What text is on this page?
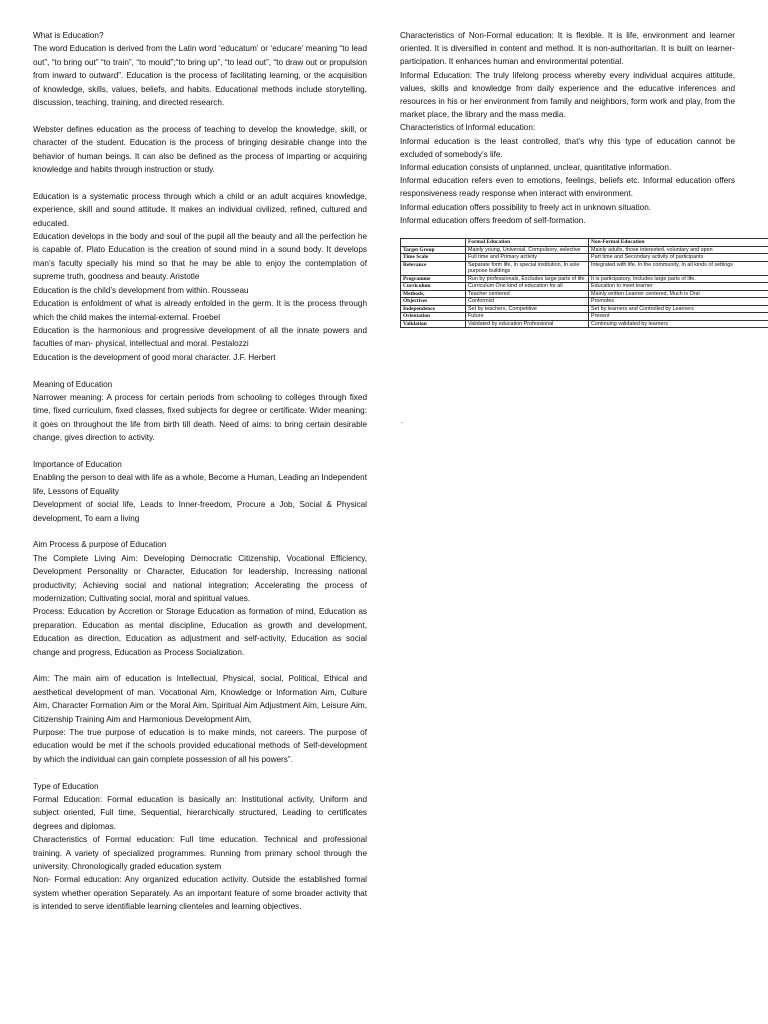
What is Education?

The word Education is derived from the Latin word ‘educatum’ or ‘educare’ meaning “to lead out”, “to bring out” “to train”, “to mould”;“to bring up”, “to lead out”, “to draw out or propulsion from inward to outward”. Education is the process of facilitating learning, or the acquisition of knowledge, skills, values, beliefs, and habits. Educational methods include storytelling, discussion, teaching, training, and directed research.

Webster defines education as the process of teaching to develop the knowledge, skill, or character of the student. Education is the process of bringing desirable change into the behavior of human beings. It can also be defined as the process of imparting or acquiring knowledge and habits through instruction or study.

Education is a systematic process through which a child or an adult acquires knowledge, experience, skill and sound attitude. It makes an individual civilized, refined, cultured and educated.

Education develops in the body and soul of the pupil all the beauty and all the perfection he is capable of. Plato Education is the creation of sound mind in a sound body. It develops man’s faculty specially his mind so that he may be able to enjoy the contemplation of supreme truth, goodness and beauty. Aristotle

Education is the child’s development from within. Rousseau

Education is enfoldment of what is already enfolded in the germ. It is the process through which the child makes the internal-external. Froebel

Education is the harmonious and progressive development of all the innate powers and faculties of man- physical, intellectual and moral. Pestalozzi

Education is the development of good moral character. J.F. Herbert

Meaning of Education

Narrower meaning: A process for certain periods from schooling to colleges through fixed time, fixed curriculum, fixed classes, fixed subjects for degree or certificate. Wider meaning: it goes on throughout the life from birth till death. Need of aims: to bring certain desirable change, gives direction to activity.

Importance of Education

Enabling the person to deal with life as a whole, Become a Human, Leading an Independent life, Lessons of Equality

Development of social life, Leads to Inner-freedom, Procure a Job, Social & Physical development, To earn a living

Aim Process & purpose of Education

The Complete Living Aim: Developing Democratic Citizenship, Vocational Efficiency, Development Personality or Character, Education for leadership, Increasing national productivity; Achieving social and national integration; Accelerating the process of modernization; Cultivating social, moral and spiritual values.

Process: Education by Accretion or Storage Education as formation of mind, Education as preparation. Education as mental discipline, Education as growth and development, Education as direction, Education as adjustment and self-activity, Education as social change and progress, Education as Process Socialization.

Aim: The main aim of education is Intellectual, Physical, social, Political, Ethical and aesthetical development of man. Vocational Aim, Knowledge or Information Aim, Culture Aim, Character Formation Aim or the Moral Aim, Spiritual Aim Adjustment Aim, Leisure Aim, Citizenship Training Aim and Harmonious Development Aim,

Purpose: The true purpose of education is to make minds, not careers. The purpose of education would be met if the schools provided educational methods of Self-development by which the individual can gain complete possession of all his powers”.

Type of Education

Formal Education: Formal education is basically an: Institutional activity, Uniform and subject oriented, Full time, Sequential, hierarchically structured, Leading to certificates degrees and diplomas.

Characteristics of Formal education: Full time education. Technical and professional training. A variety of specialized programmes. Running from primary school through the university. Chronologically graded education system

Non- Formal education: Any organized education activity. Outside the established formal system whether operation Separately. As an important feature of some broader activity that is intended to serve identifiable learning clienteles and learning objectives.

Characteristics of Non-Formal education: It is flexible. It is life, environment and learner oriented. It is diversified in content and method. It is non-authoritarian. It is built on learner-participation. It enhances human and environmental potential.

Informal Education: The truly lifelong process whereby every individual acquires attitude, values, skills and knowledge from daily experience and the educative inferences and resources in his or her environment from family and neighbors, form work and play, from the market place, the library and the mass media.

Characteristics of Informal education:

Informal education is the least controlled, that’s why this type of education cannot be excluded of somebody’s life.

Informal education consists of unplanned, unclear, quantitative information.

Informal education refers even to emotions, feelings, beliefs etc. Informal education offers responsiveness ready response when interact with environment.

Informal education offers possibility to freely act in unknown situation.

Informal education offers freedom of self-formation.

	Formal Education	Non-Formal Education
Target Group	Mainly young, Universal, Compulsory, selective	Mainly adults, those interested, voluntary and open
Time Scale	Full time and Primary activity	Part time and Secondary activity of participants
Relevance	Separate form life, In special institution, In sole purpose buildings	Integrated with life, In the community, In all kinds of settings
Programme	Run by professionals, Excludes large parts of life	It is participatory, Includes large parts of life.
Curriculum	Curriculum One kind of education for all	Education to meet learner
Methods,	Teacher centered	Mainly written Learner centered, Much is Oral
Objectives	Conformist	Promotes
Independence	Set by teachers, Competitive	Set by learners and Controlled by Learners
Orientation	Future	Present
Validation	Validated by education Professional	Continuing validated by learners
.
